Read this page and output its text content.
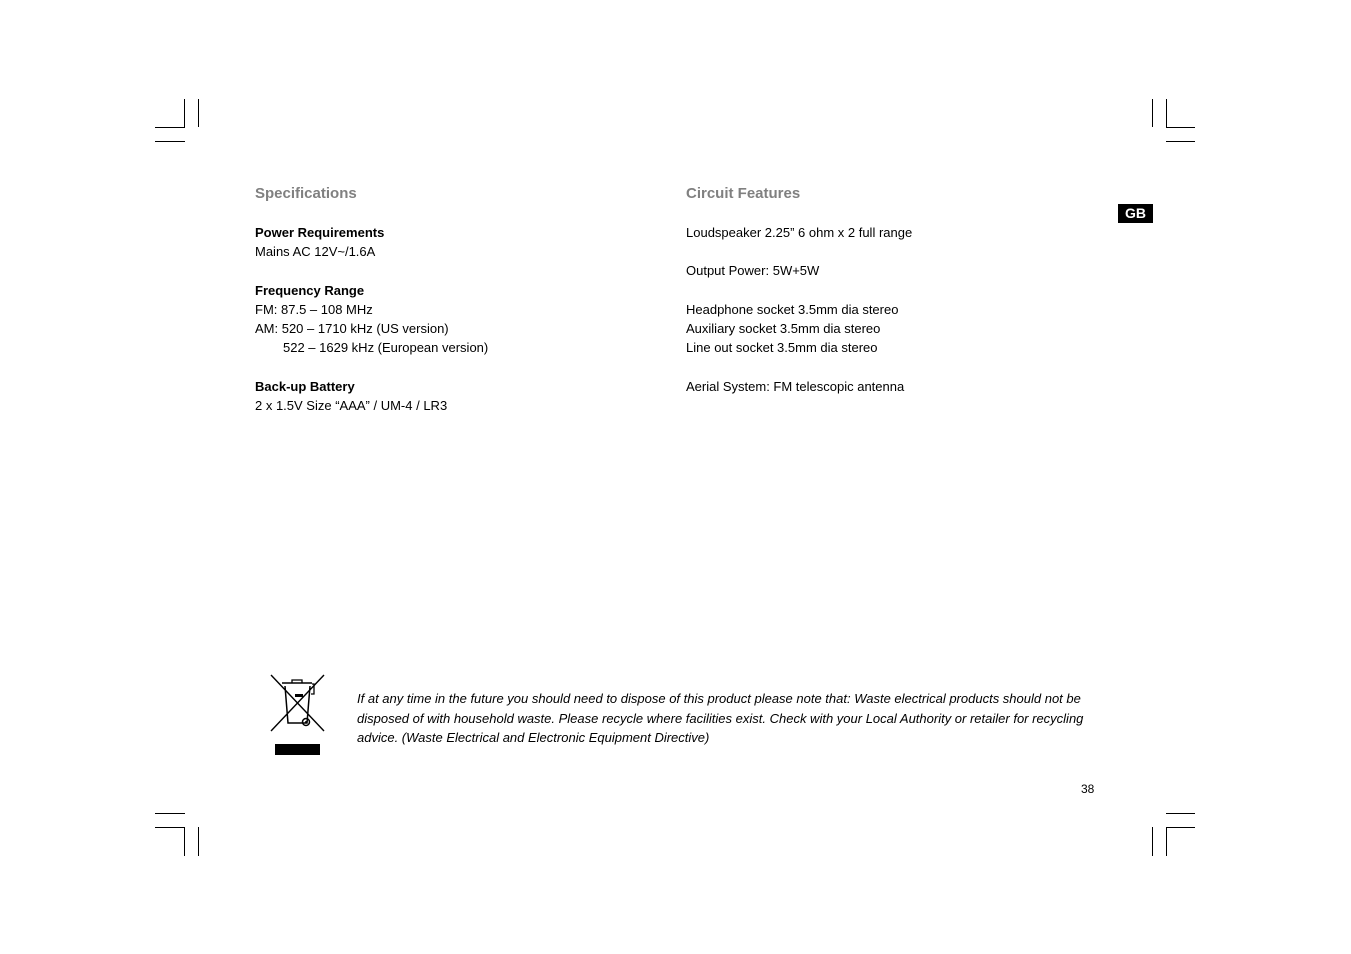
Specifications
Power Requirements
Mains AC 12V~/1.6A
Frequency Range
FM: 87.5 – 108 MHz
AM: 520 – 1710 kHz (US version)
522 – 1629 kHz (European version)
Back-up Battery
2 x 1.5V Size “AAA” / UM-4 / LR3
Circuit Features
Loudspeaker 2.25” 6 ohm x 2 full range
Output Power: 5W+5W
Headphone socket 3.5mm dia stereo
Auxiliary socket 3.5mm dia stereo
Line out socket 3.5mm dia stereo
Aerial System: FM telescopic antenna
GB
If at any time in the future you should need to dispose of this product please note that: Waste electrical products should not be disposed of with household waste. Please recycle where facilities exist. Check with your Local Authority or retailer for recycling advice. (Waste Electrical and Electronic Equipment Directive)
38
